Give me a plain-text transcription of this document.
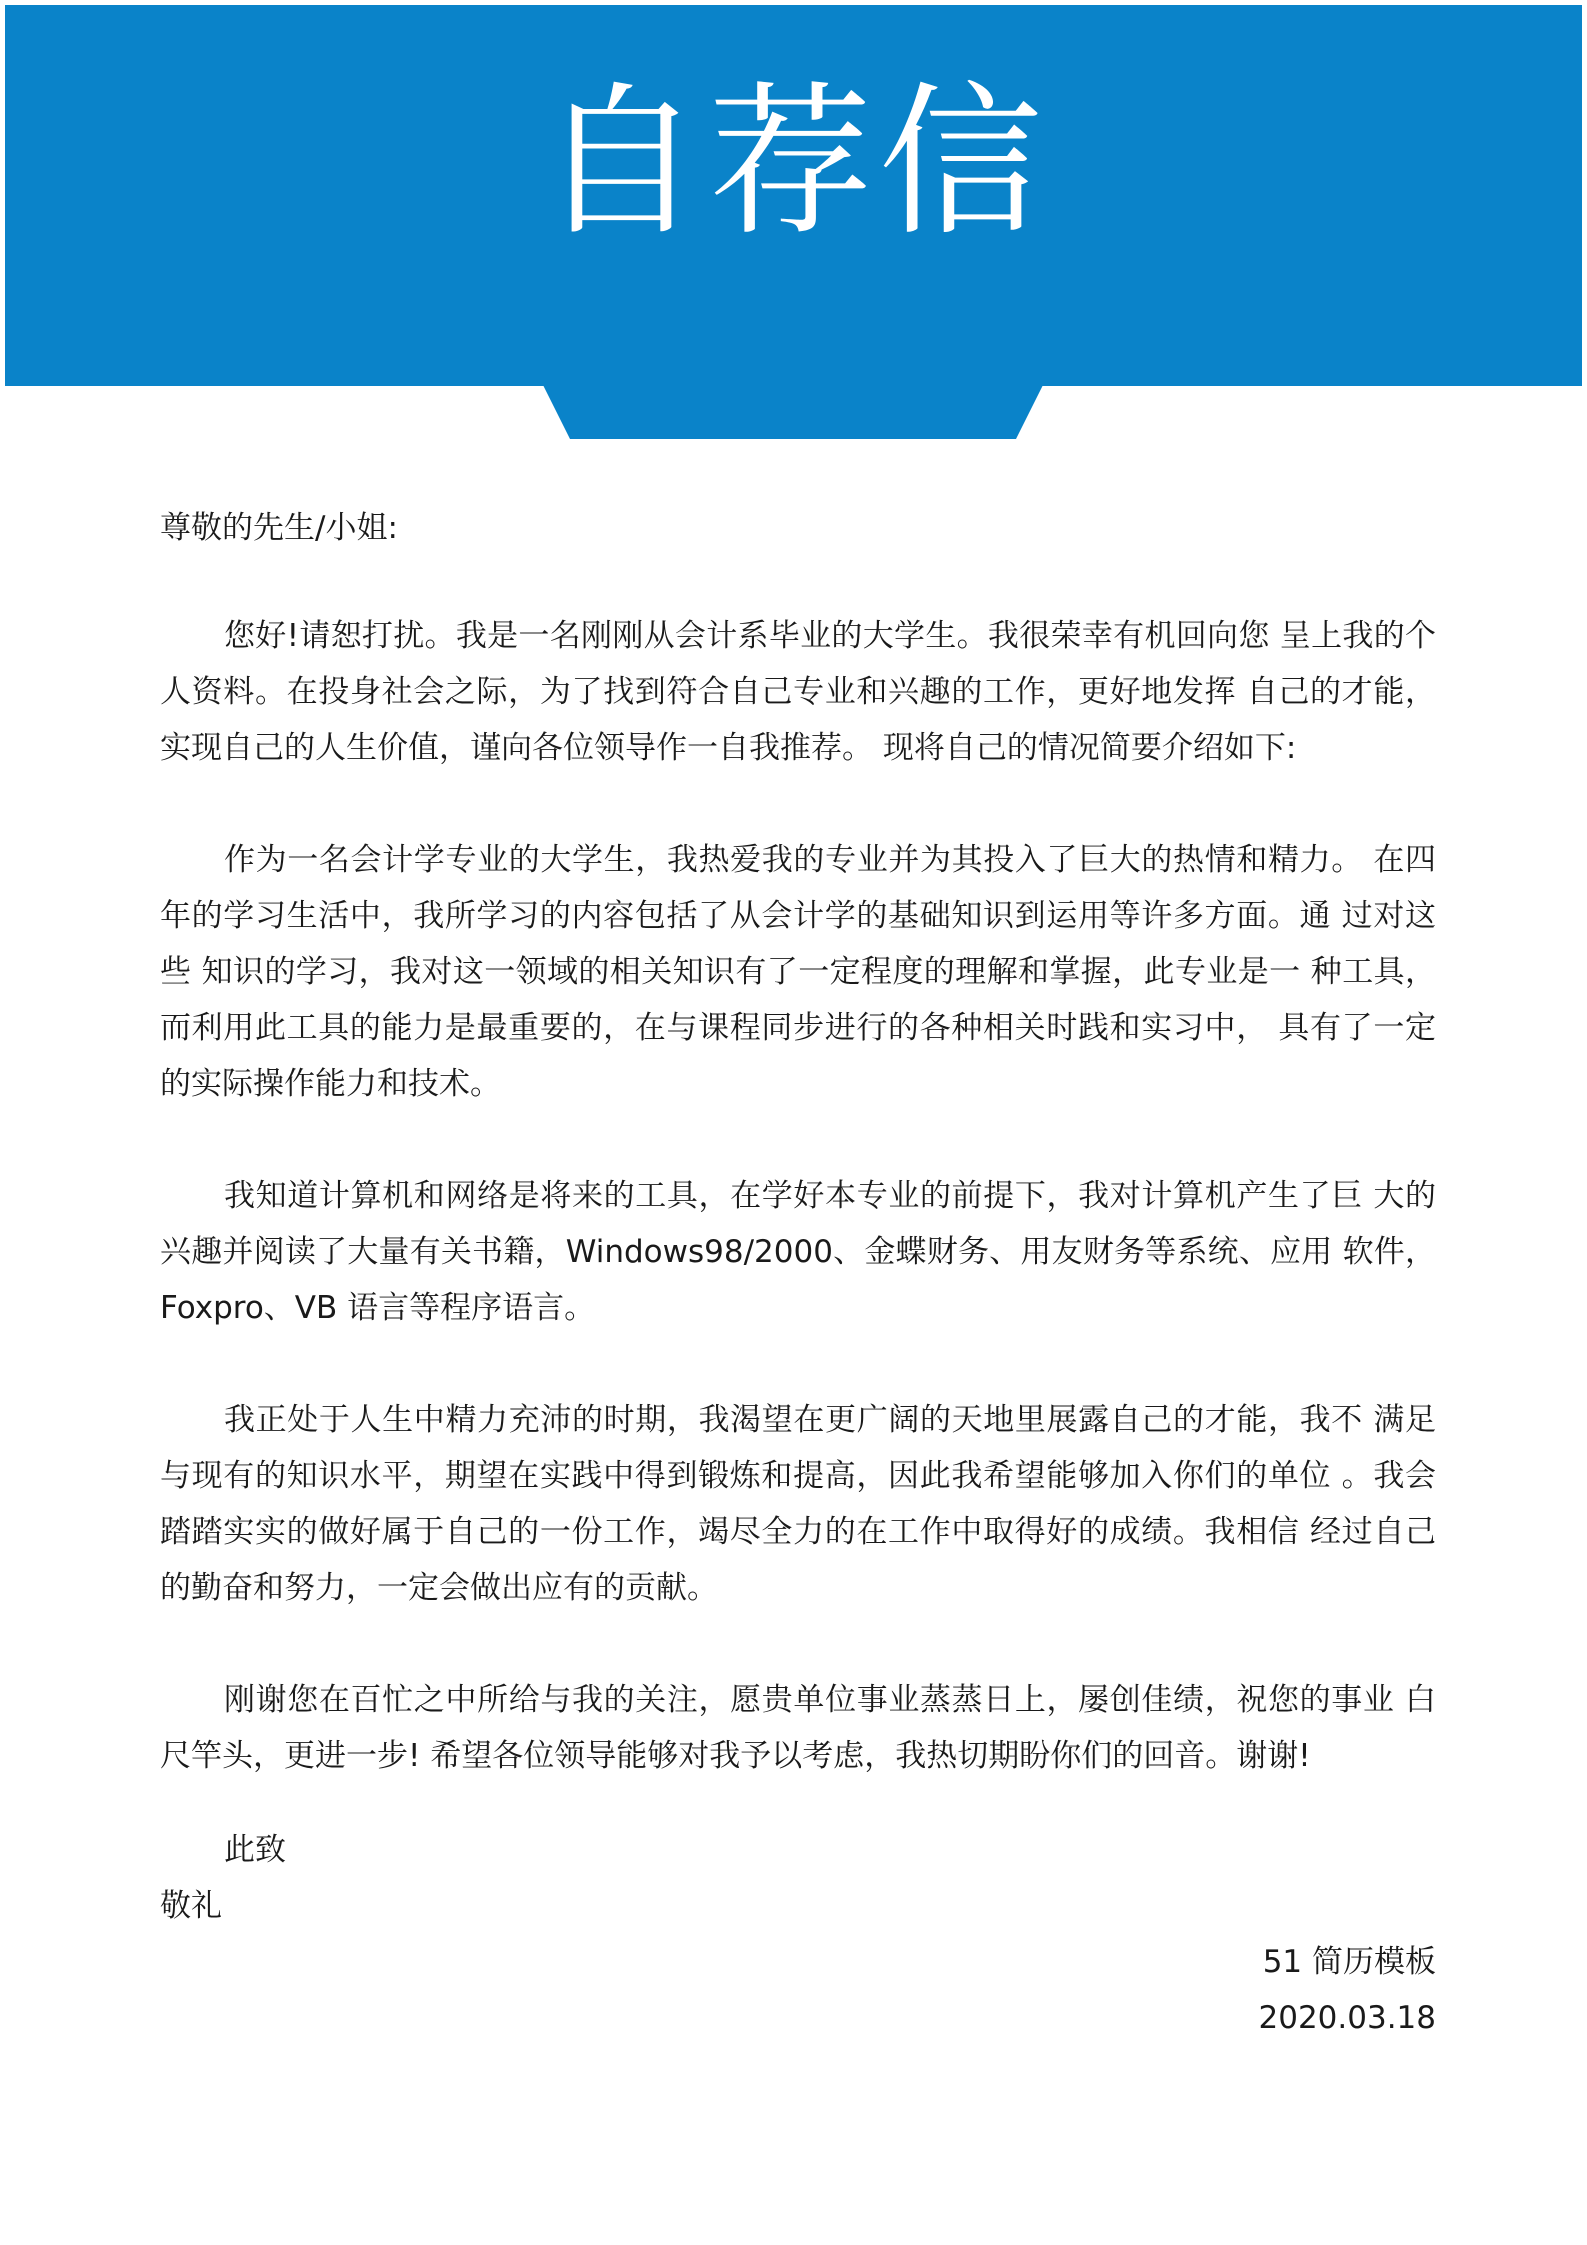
自荐信

尊敬的先生/小姐:

您好!请恕打扰。我是一名刚刚从会计系毕业的大学生。我很荣幸有机回向您 呈上我的个人资料。在投身社会之际，为了找到符合自己专业和兴趣的工作，更好地发挥 自己的才能，实现自己的人生价值，谨向各位领导作一自我推荐。 现将自己的情况简要介绍如下:

作为一名会计学专业的大学生，我热爱我的专业并为其投入了巨大的热情和精力。 在四年的学习生活中，我所学习的内容包括了从会计学的基础知识到运用等许多方面。通 过对这些 知识的学习，我对这一领域的相关知识有了一定程度的理解和掌握，此专业是一 种工具，而利用此工具的能力是最重要的，在与课程同步进行的各种相关时践和实习中， 具有了一定的实际操作能力和技术。

我知道计算机和网络是将来的工具，在学好本专业的前提下，我对计算机产生了巨 大的兴趣并阅读了大量有关书籍，Windows98/2000、金蝶财务、用友财务等系统、应用 软件，Foxpro、VB 语言等程序语言。

我正处于人生中精力充沛的时期，我渴望在更广阔的天地里展露自己的才能，我不 满足与现有的知识水平，期望在实践中得到锻炼和提高，因此我希望能够加入你们的单位 。我会踏踏实实的做好属于自己的一份工作，竭尽全力的在工作中取得好的成绩。我相信 经过自己的勤奋和努力，一定会做出应有的贡献。

刚谢您在百忙之中所给与我的关注，愿贵单位事业蒸蒸日上，屡创佳绩，祝您的事业 白尺竿头，更进一步! 希望各位领导能够对我予以考虑，我热切期盼你们的回音。谢谢!

此致

敬礼

51 简历模板

2020.03.18
